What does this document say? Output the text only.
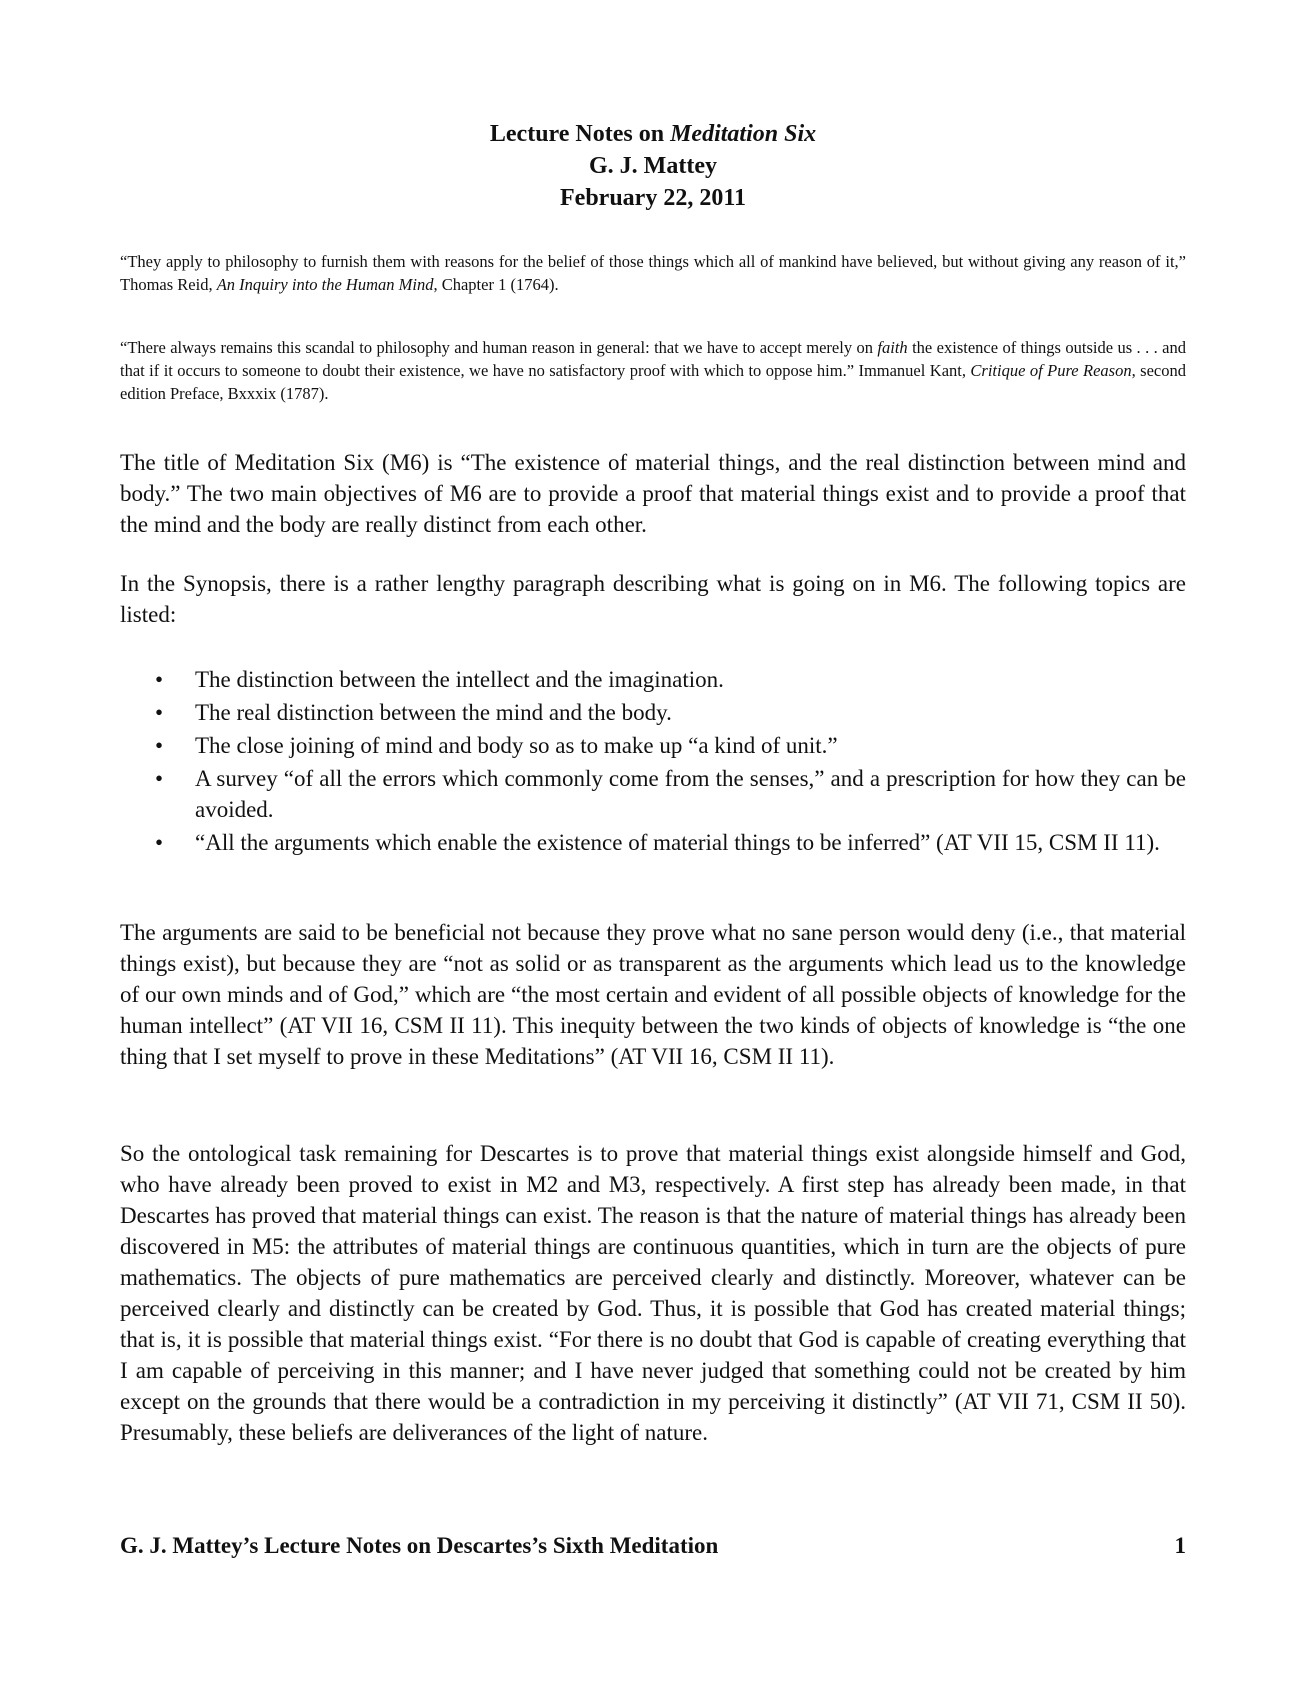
Lecture Notes on Meditation Six
G. J. Mattey
February 22, 2011

“They apply to philosophy to furnish them with reasons for the belief of those things which all of mankind have believed, but without giving any reason of it,” Thomas Reid, An Inquiry into the Human Mind, Chapter 1 (1764).

“There always remains this scandal to philosophy and human reason in general: that we have to accept merely on faith the existence of things outside us . . . and that if it occurs to someone to doubt their existence, we have no satisfactory proof with which to oppose him.” Immanuel Kant, Critique of Pure Reason, second edition Preface, Bxxxix (1787).

The title of Meditation Six (M6) is “The existence of material things, and the real distinction between mind and body.” The two main objectives of M6 are to provide a proof that material things exist and to provide a proof that the mind and the body are really distinct from each other.

In the Synopsis, there is a rather lengthy paragraph describing what is going on in M6. The following topics are listed:

• The distinction between the intellect and the imagination.
• The real distinction between the mind and the body.
• The close joining of mind and body so as to make up “a kind of unit.”
• A survey “of all the errors which commonly come from the senses,” and a prescription for how they can be avoided.
• “All the arguments which enable the existence of material things to be inferred” (AT VII 15, CSM II 11).

The arguments are said to be beneficial not because they prove what no sane person would deny (i.e., that material things exist), but because they are “not as solid or as transparent as the arguments which lead us to the knowledge of our own minds and of God,” which are “the most certain and evident of all possible objects of knowledge for the human intellect” (AT VII 16, CSM II 11). This inequity between the two kinds of objects of knowledge is “the one thing that I set myself to prove in these Meditations” (AT VII 16, CSM II 11).

So the ontological task remaining for Descartes is to prove that material things exist alongside himself and God, who have already been proved to exist in M2 and M3, respectively. A first step has already been made, in that Descartes has proved that material things can exist. The reason is that the nature of material things has already been discovered in M5: the attributes of material things are continuous quantities, which in turn are the objects of pure mathematics. The objects of pure mathematics are perceived clearly and distinctly. Moreover, whatever can be perceived clearly and distinctly can be created by God. Thus, it is possible that God has created material things; that is, it is possible that material things exist. “For there is no doubt that God is capable of creating everything that I am capable of perceiving in this manner; and I have never judged that something could not be created by him except on the grounds that there would be a contradiction in my perceiving it distinctly” (AT VII 71, CSM II 50). Presumably, these beliefs are deliverances of the light of nature.

G. J. Mattey’s Lecture Notes on Descartes’s Sixth Meditation	1
